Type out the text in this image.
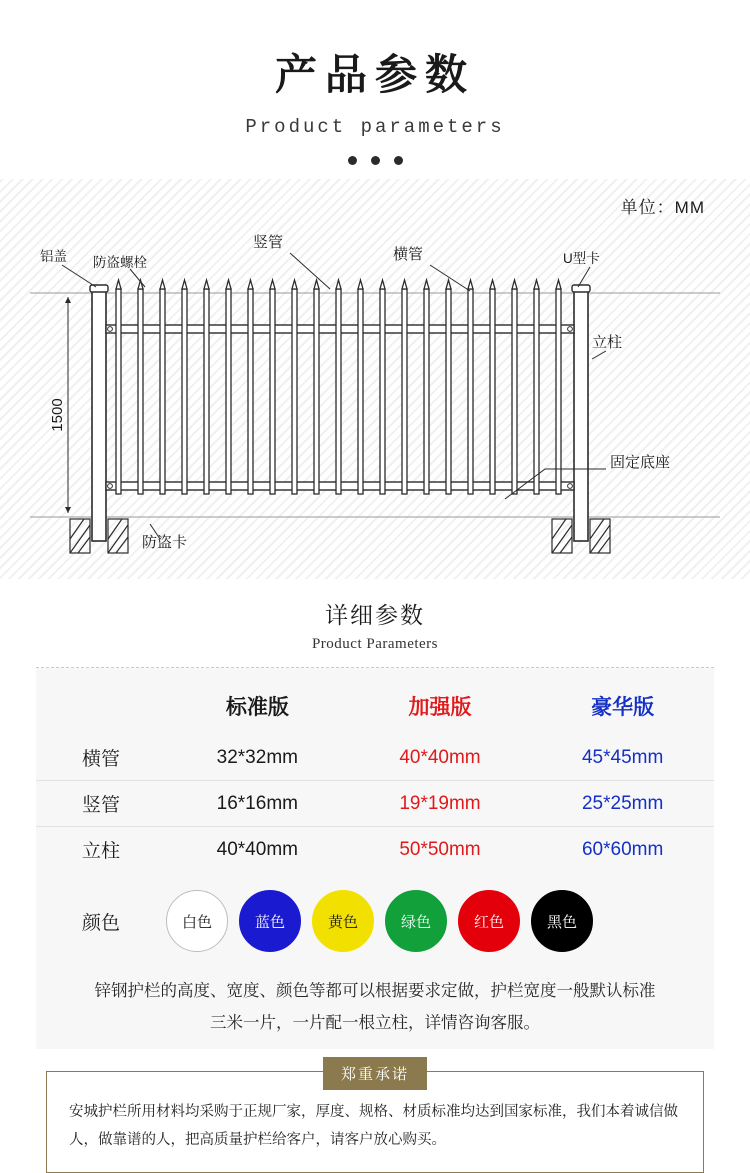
产品参数
Product parameters
单位：MM
1500
铝盖 防盗螺栓
竖管
横管	U型卡
立柱
固定底座
防盗卡
详细参数
Product Parameters
	标准版	加强版	豪华版
横管	32*32mm	40*40mm	45*45mm
竖管	16*16mm	19*19mm	25*25mm
立柱	40*40mm	50*50mm	60*60mm
颜色	白色	蓝色	黄色	绿色	红色	黑色
锌钢护栏的高度、宽度、颜色等都可以根据要求定做，护栏宽度一般默认标准
三米一片，一片配一根立柱，详情咨询客服。
郑重承诺
安城护栏所用材料均采购于正规厂家，厚度、规格、材质标准均达到国家标准，我们本着诚信做
人，做靠谱的人，把高质量护栏给客户，请客户放心购买。
